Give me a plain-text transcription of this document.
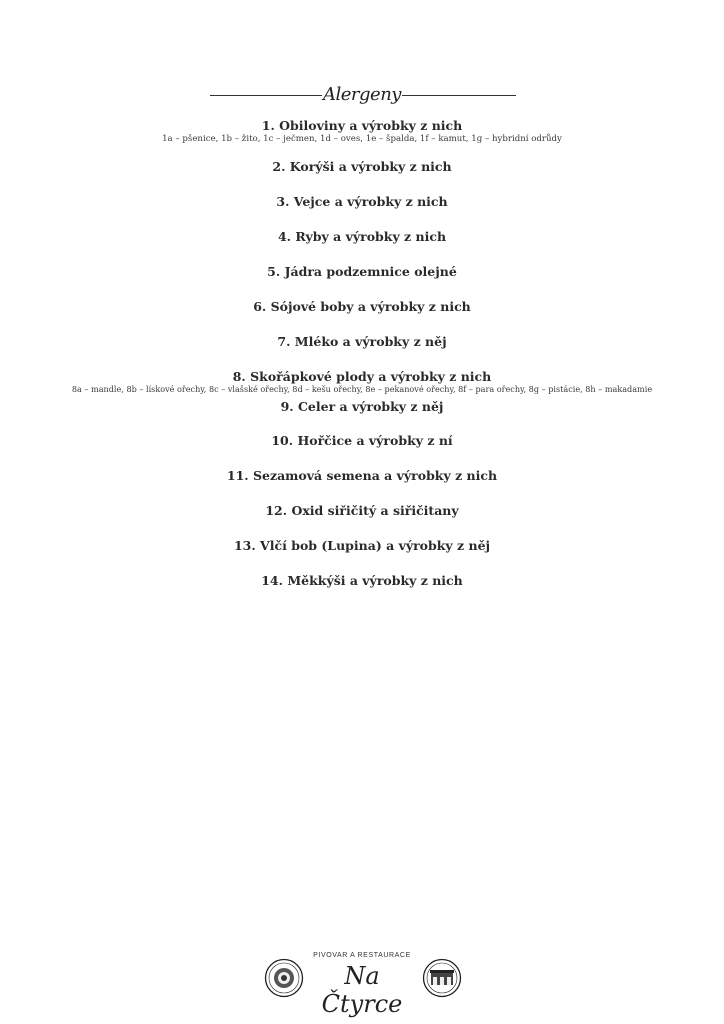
Alergeny
1. Obiloviny a výrobky z nich
1a – pšenice, 1b – žito, 1c – ječmen, 1d – oves, 1e – špalda, 1f – kamut, 1g – hybridní odrůdy
2. Korýši a výrobky z nich
3. Vejce a výrobky z nich
4. Ryby a výrobky z nich
5. Jádra podzemnice olejné
6. Sójové boby a výrobky z nich
7. Mléko a výrobky z něj
8. Skořápkové plody a výrobky z nich
8a – mandle, 8b – lískové ořechy, 8c – vlašské ořechy, 8d – kešu ořechy, 8e – pekanové ořechy, 8f – para ořechy, 8g – pistácie, 8h – makadamie
9. Celer a výrobky z něj
10. Hořčice a výrobky z ní
11. Sezamová semena a výrobky z nich
12. Oxid siřičitý a siřičitany
13. Vlčí bob (Lupina) a výrobky z něj
14. Měkkýši a výrobky z nich
PIVOVAR A RESTAURACE
Na Čtyrce
